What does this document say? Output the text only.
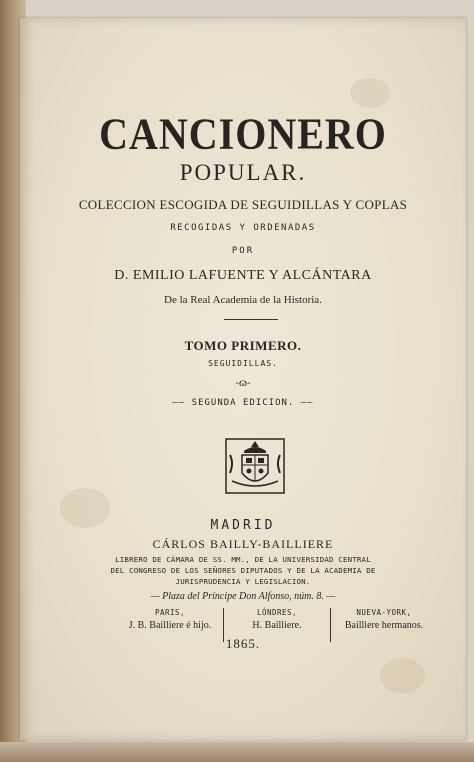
CANCIONERO
POPULAR.
COLECCION ESCOGIDA DE SEGUIDILLAS Y COPLAS
RECOGIDAS Y ORDENADAS
POR
D. EMILIO LAFUENTE Y ALCÁNTARA
De la Real Academia de la Historia.
TOMO PRIMERO.
SEGUIDILLAS.
-ɷ-
—— SEGUNDA EDICION. ——
MADRID
CÁRLOS BAILLY-BAILLIERE
LIBRERO DE CÁMARA DE SS. MM., DE LA UNIVERSIDAD CENTRAL
DEL CONGRESO DE LOS SEÑORES DIPUTADOS Y DE LA ACADEMIA DE
JURISPRUDENCIA Y LEGISLACION.
— Plaza del Príncipe Don Alfonso, núm. 8. —
PARIS,
J. B. Bailliere é hijo.
LÓNDRES,
H. Bailliere.
NUEVA-YORK,
Bailliere hermanos.
1865.
